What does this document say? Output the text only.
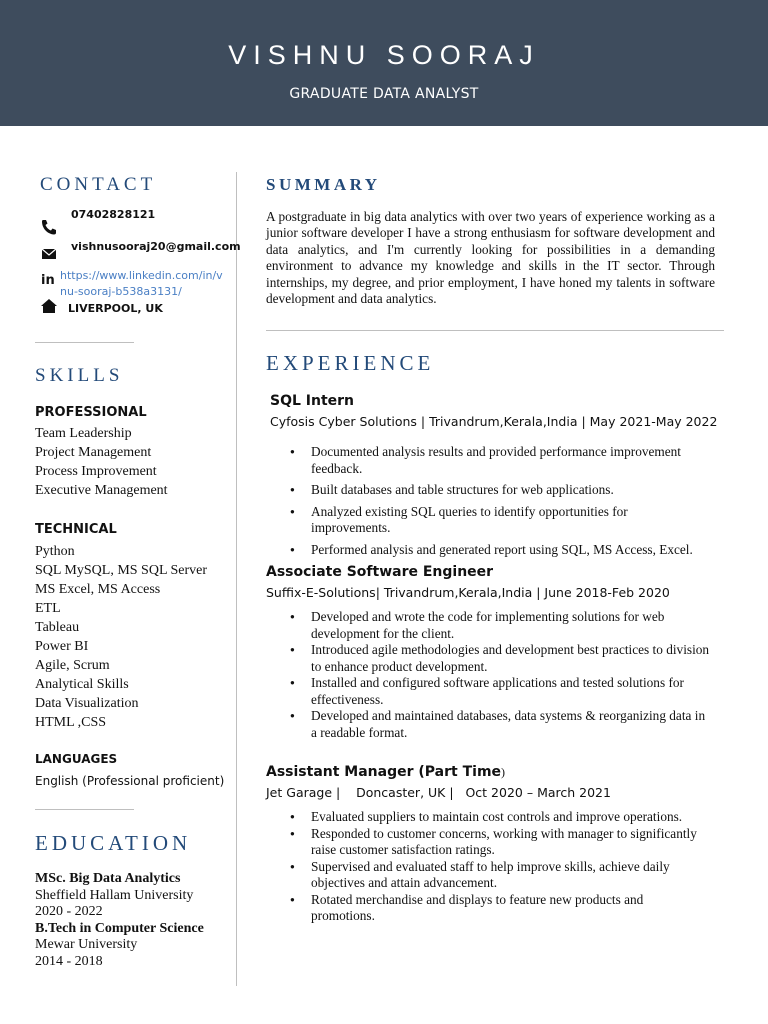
VISHNU SOORAJ
GRADUATE DATA ANALYST
CONTACT
07402828121
vishnusooraj20@gmail.com
in https://www.linkedin.com/in/v
nu-sooraj-b538a3131/
LIVERPOOL, UK
SKILLS
PROFESSIONAL
Team Leadership
Project Management
Process Improvement
Executive Management
TECHNICAL
Python
SQL MySQL, MS SQL Server
MS Excel, MS Access
ETL
Tableau
Power BI
Agile, Scrum
Analytical Skills
Data Visualization
HTML ,CSS
LANGUAGES
English (Professional proficient)
EDUCATION
MSc. Big Data Analytics
Sheffield Hallam University
2020 - 2022
B.Tech in Computer Science
Mewar University
2014 - 2018
SUMMARY
A postgraduate in big data analytics with over two years of experience working as a junior software developer I have a strong enthusiasm for software development and data analytics, and I'm currently looking for possibilities in a demanding environment to advance my knowledge and skills in the IT sector. Through internships, my degree, and prior employment, I have honed my talents in software development and data analytics.
EXPERIENCE
SQL Intern
Cyfosis Cyber Solutions | Trivandrum,Kerala,India | May 2021-May 2022
● Documented analysis results and provided performance improvement feedback.
● Built databases and table structures for web applications.
● Analyzed existing SQL queries to identify opportunities for improvements.
● Performed analysis and generated report using SQL, MS Access, Excel.
Associate Software Engineer
Suffix-E-Solutions| Trivandrum,Kerala,India | June 2018-Feb 2020
● Developed and wrote the code for implementing solutions for web development for the client.
● Introduced agile methodologies and development best practices to division to enhance product development.
● Installed and configured software applications and tested solutions for effectiveness.
● Developed and maintained databases, data systems & reorganizing data in a readable format.
Assistant Manager (Part Time)
Jet Garage |    Doncaster, UK |   Oct 2020 – March 2021
● Evaluated suppliers to maintain cost controls and improve operations.
● Responded to customer concerns, working with manager to significantly raise customer satisfaction ratings.
● Supervised and evaluated staff to help improve skills, achieve daily objectives and attain advancement.
● Rotated merchandise and displays to feature new products and promotions.
